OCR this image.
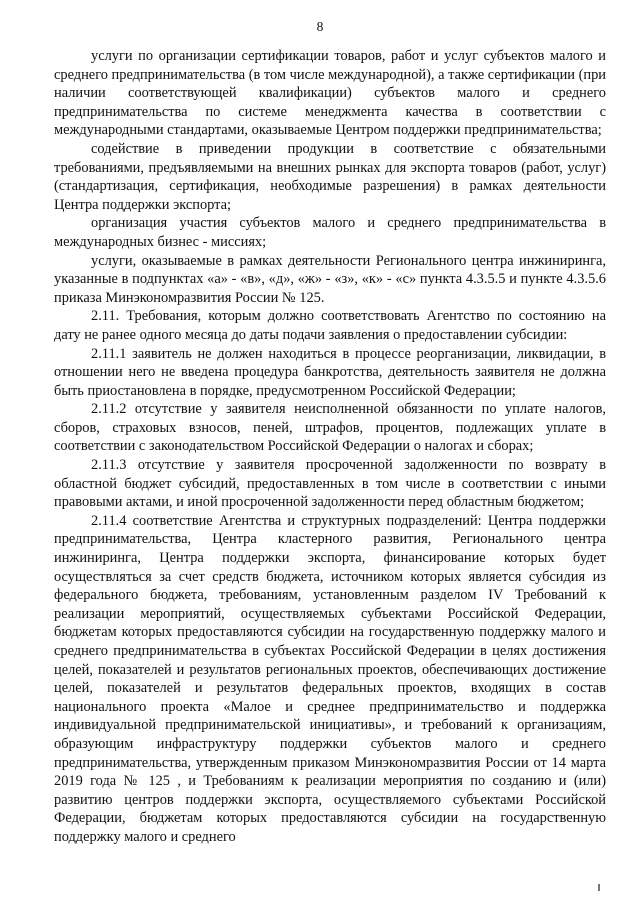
8

услуги по организации сертификации товаров, работ и услуг субъектов малого и среднего предпринимательства (в том числе международной), а также сертификации (при наличии соответствующей квалификации) субъектов малого и среднего предпринимательства по системе менеджмента качества в соответствии с международными стандартами, оказываемые Центром поддержки предпринимательства;

содействие в приведении продукции в соответствие с обязательными требованиями, предъявляемыми на внешних рынках для экспорта товаров (работ, услуг) (стандартизация, сертификация, необходимые разрешения) в рамках деятельности Центра поддержки экспорта;

организация участия субъектов малого и среднего предпринимательства в международных бизнес - миссиях;

услуги, оказываемые в рамках деятельности Регионального центра инжиниринга, указанные в подпунктах «а» - «в», «д», «ж» - «з», «к» - «с» пункта 4.3.5.5 и пункте 4.3.5.6 приказа Минэкономразвития России № 125.

2.11. Требования, которым должно соответствовать Агентство по состоянию на дату не ранее одного месяца до даты подачи заявления о предоставлении субсидии:

2.11.1 заявитель не должен находиться в процессе реорганизации, ликвидации, в отношении него не введена процедура банкротства, деятельность заявителя не должна быть приостановлена в порядке, предусмотренном Российской Федерации;

2.11.2 отсутствие у заявителя неисполненной обязанности по уплате налогов, сборов, страховых взносов, пеней, штрафов, процентов, подлежащих уплате в соответствии с законодательством Российской Федерации о налогах и сборах;

2.11.3 отсутствие у заявителя просроченной задолженности по возврату в областной бюджет субсидий, предоставленных в том числе в соответствии с иными правовыми актами, и иной просроченной задолженности перед областным бюджетом;

2.11.4 соответствие Агентства и структурных подразделений: Центра поддержки предпринимательства, Центра кластерного развития, Регионального центра инжиниринга, Центра поддержки экспорта, финансирование которых будет осуществляться за счет средств бюджета, источником которых является субсидия из федерального бюджета, требованиям, установленным разделом IV Требований к реализации мероприятий, осуществляемых субъектами Российской Федерации, бюджетам которых предоставляются субсидии на государственную поддержку малого и среднего предпринимательства в субъектах Российской Федерации в целях достижения целей, показателей и результатов региональных проектов, обеспечивающих достижение целей, показателей и результатов федеральных проектов, входящих в состав национального проекта «Малое и среднее предпринимательство и поддержка индивидуальной предпринимательской инициативы», и требований к организациям, образующим инфраструктуру поддержки субъектов малого и среднего предпринимательства, утвержденным приказом Минэкономразвития России от 14 марта 2019 года № 125 , и Требованиям к реализации мероприятия по созданию и (или) развитию центров поддержки экспорта, осуществляемого субъектами Российской Федерации, бюджетам которых предоставляются субсидии на государственную поддержку малого и среднего
